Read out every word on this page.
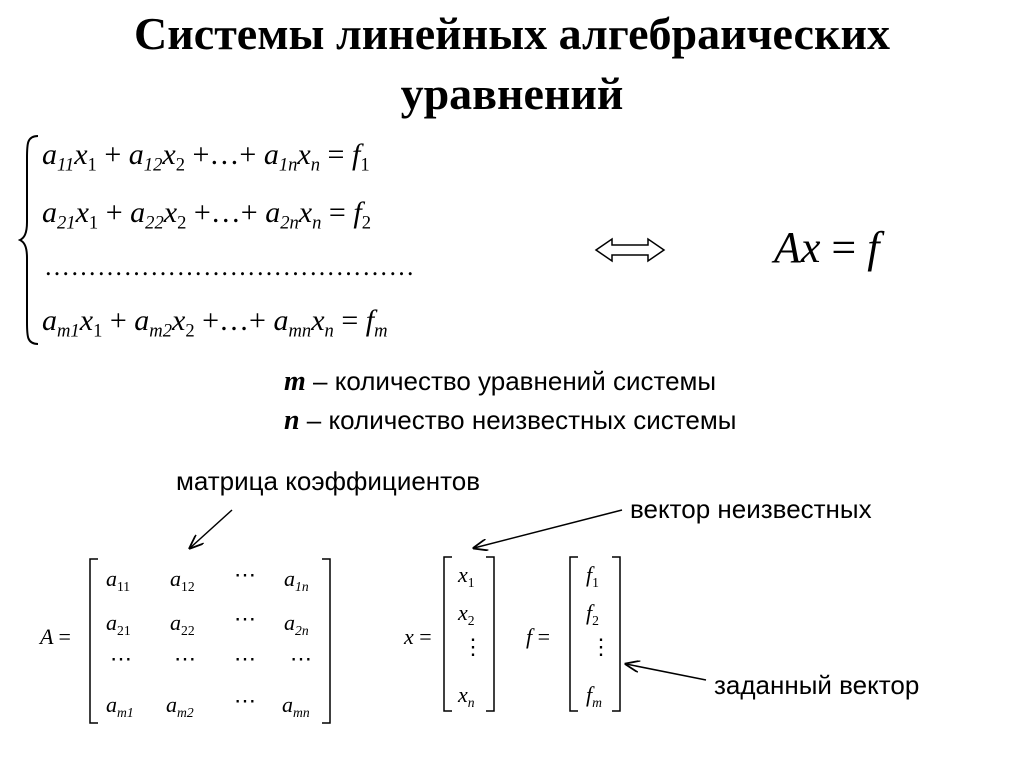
Системы линейных алгебраических
уравнений
$a_{11}x_1 + a_{12}x_2$ +…+ $a_{1n}x_n = f_1$
$a_{21}x_1 + a_{22}x_2$ +…+ $a_{2n}x_n = f_2$
……………………………………
$a_{m1}x_1 + a_{m2}x_2$ +…+ $a_{mn}x_n = f_m$
Ax = f
m – количество уравнений системы
n – количество неизвестных системы
матрица коэффициентов
вектор неизвестных
заданный вектор
A =
$a_{11}$ $a_{12}$ ⋯ $a_{1n}$
$a_{21}$ $a_{22}$ ⋯ $a_{2n}$
⋯ ⋯ ⋯ ⋯
$a_{m1}$ $a_{m2}$ ⋯ $a_{mn}$
x =
$x_1$
$x_2$
⋮
$x_n$
f =
$f_1$
$f_2$
⋮
$f_m$
